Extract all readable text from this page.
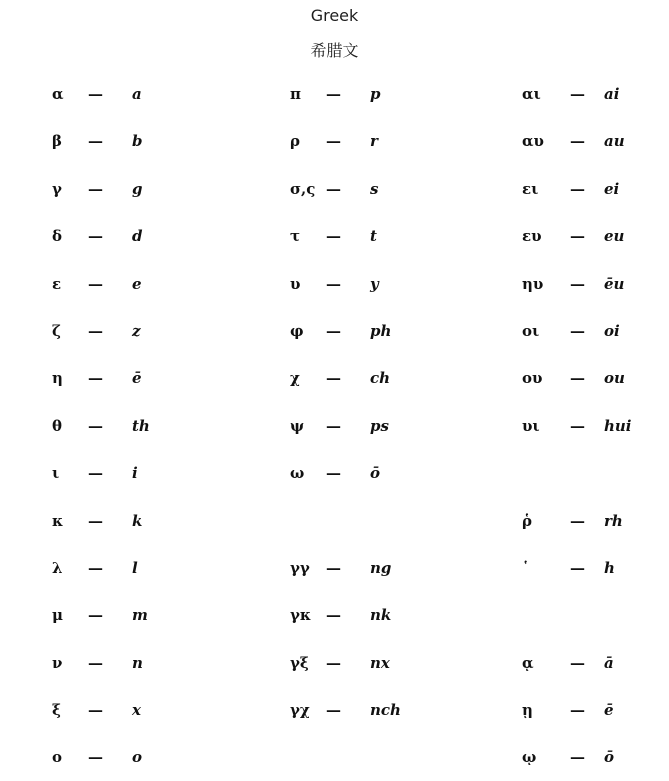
Greek
希腊文
α — a
β — b
γ — g
δ — d
ε — e
ζ — z
η — ē
θ — th
ι — i
κ — k
λ — l
μ — m
ν — n
ξ — x
ο — o
π — p
ρ — r
σ,ς — s
τ — t
υ — y
φ — ph
χ — ch
ψ — ps
ω — ō
γγ — ng
γκ — nk
γξ — nx
γχ — nch
αι — ai
αυ — au
ει — ei
ευ — eu
ηυ — ēu
οι — oi
ου — ou
υι — hui
ῥ	— rh
῾	— h
ᾳ — ā
ῃ — ē
ῳ — ō
